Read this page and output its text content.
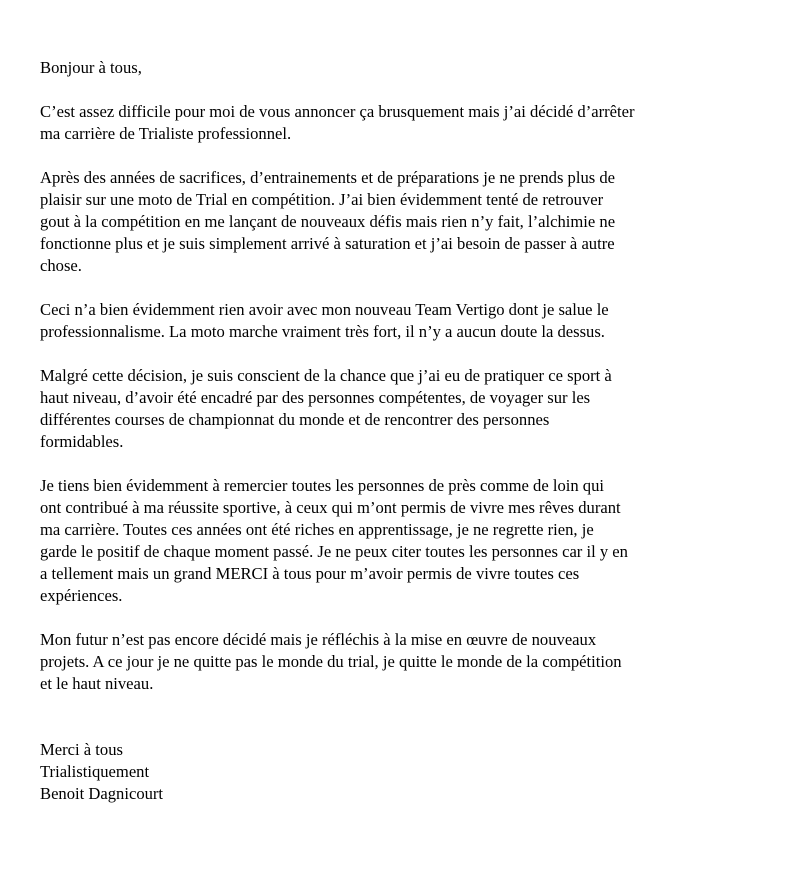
Bonjour à tous,

C’est assez difficile pour moi de vous annoncer ça brusquement mais j’ai décidé d’arrêter
ma carrière de Trialiste professionnel.

Après des années de sacrifices, d’entrainements et de préparations je ne prends plus de
plaisir sur une moto de Trial en compétition. J’ai bien évidemment tenté de retrouver
gout à la compétition en me lançant de nouveaux défis mais rien n’y fait, l’alchimie ne
fonctionne plus et je suis simplement arrivé à saturation et j’ai besoin de passer à autre
chose.

Ceci n’a bien évidemment rien avoir avec mon nouveau Team Vertigo dont je salue le
professionnalisme. La moto marche vraiment très fort, il n’y a aucun doute la dessus.

Malgré cette décision, je suis conscient de la chance que j’ai eu de pratiquer ce sport à
haut niveau, d’avoir été encadré par des personnes compétentes, de voyager sur les
différentes courses de championnat du monde et de rencontrer des personnes
formidables.

Je tiens bien évidemment à remercier toutes les personnes de près comme de loin qui
ont contribué à ma réussite sportive, à ceux qui m’ont permis de vivre mes rêves durant
ma carrière. Toutes ces années ont été riches en apprentissage, je ne regrette rien, je
garde le positif de chaque moment passé. Je ne peux citer toutes les personnes car il y en
a tellement mais un grand MERCI à tous pour m’avoir permis de vivre toutes ces
expériences.

Mon futur n’est pas encore décidé mais je réfléchis à la mise en œuvre de nouveaux
projets. A ce jour je ne quitte pas le monde du trial, je quitte le monde de la compétition
et le haut niveau.

Merci à tous
Trialistiquement
Benoit Dagnicourt
